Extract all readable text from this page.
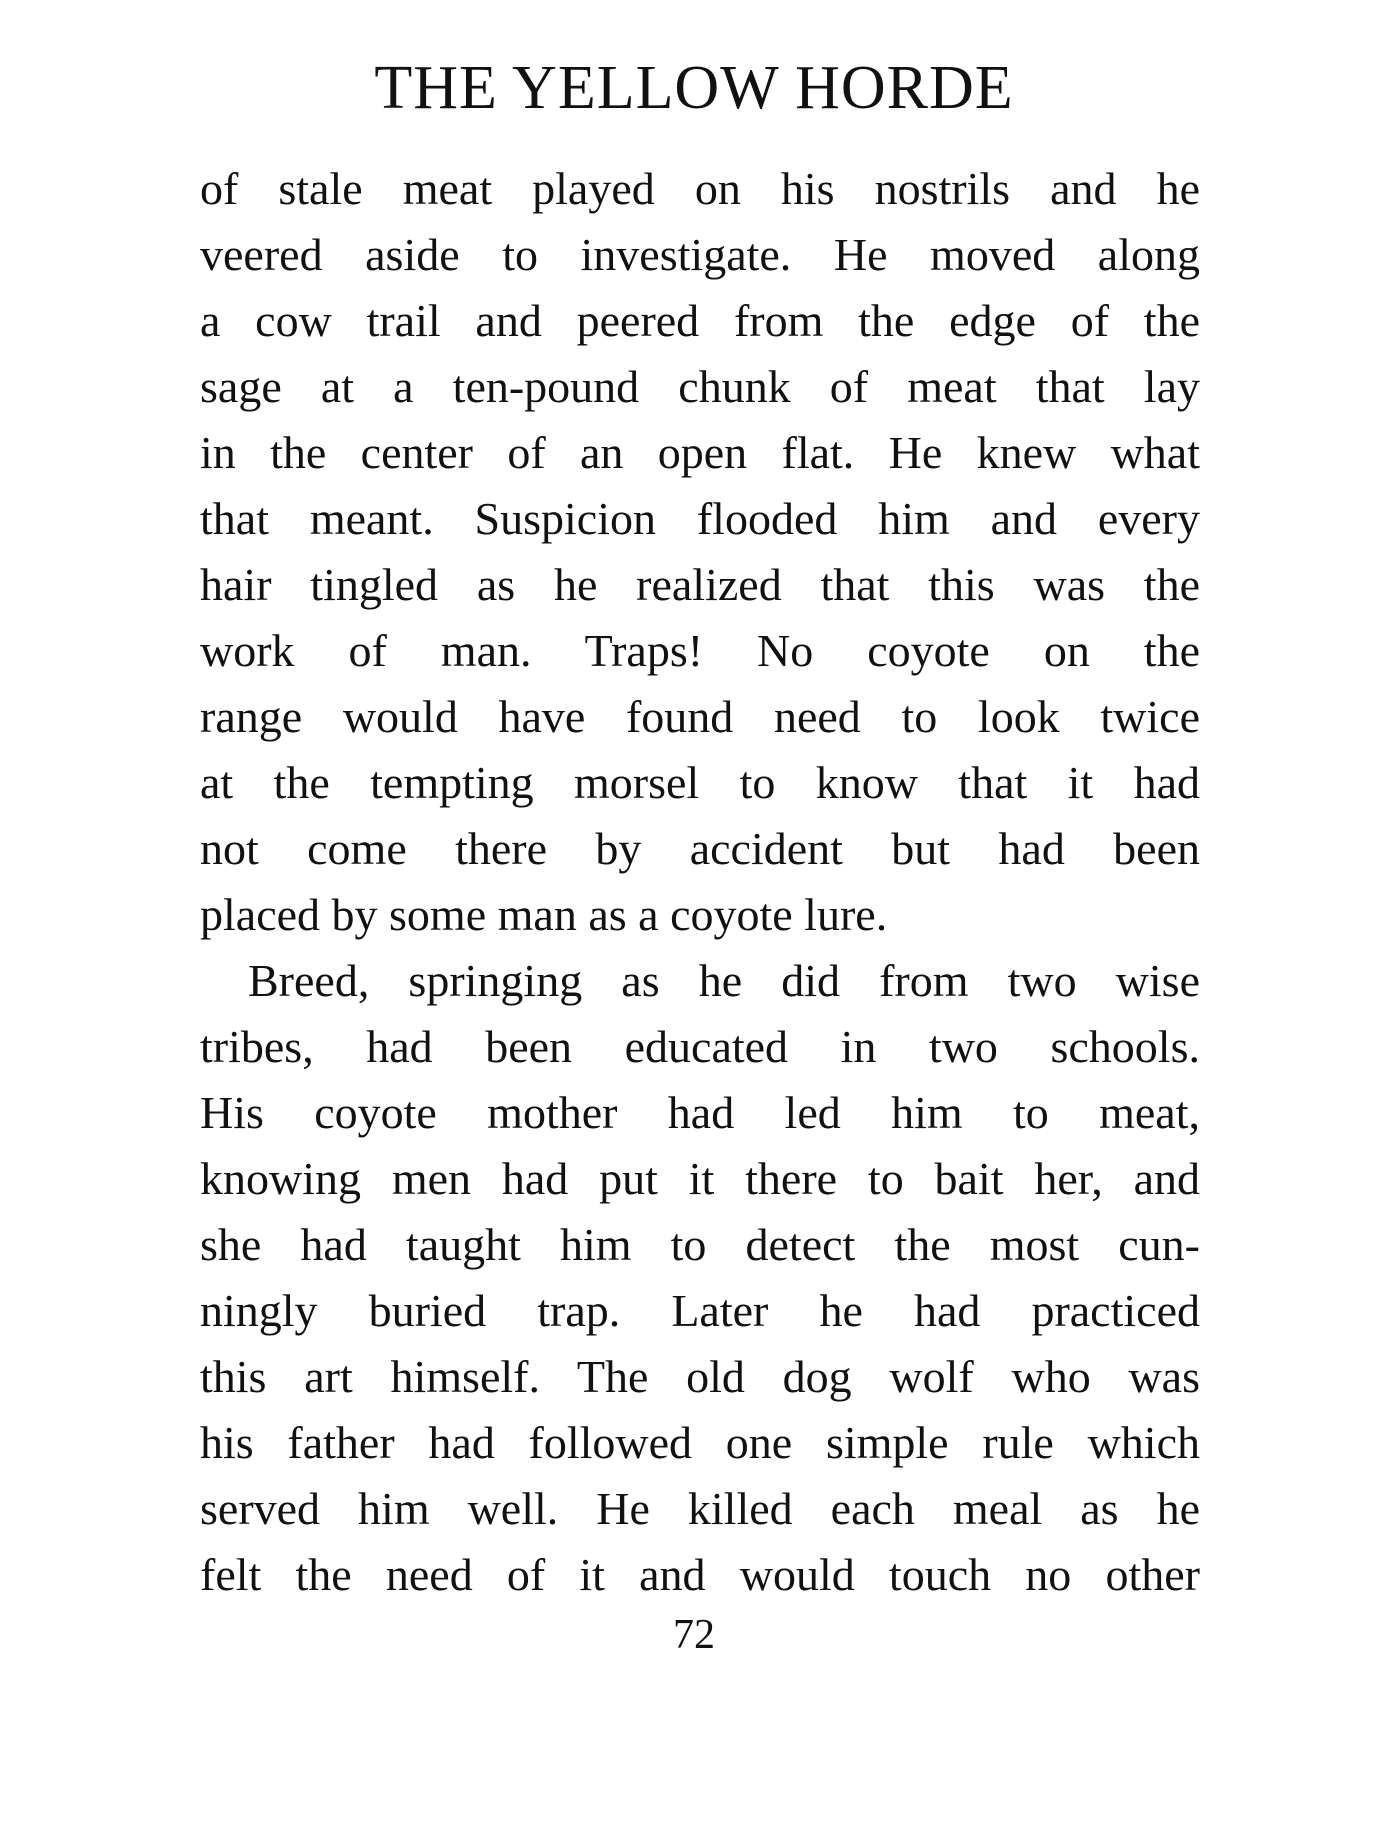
THE YELLOW HORDE
of stale meat played on his nostrils and he
veered aside to investigate. He moved along
a cow trail and peered from the edge of the
sage at a ten-pound chunk of meat that lay
in the center of an open flat. He knew what
that meant. Suspicion flooded him and every
hair tingled as he realized that this was the
work of man. Traps! No coyote on the
range would have found need to look twice
at the tempting morsel to know that it had
not come there by accident but had been
placed by some man as a coyote lure.
Breed, springing as he did from two wise
tribes, had been educated in two schools.
His coyote mother had led him to meat,
knowing men had put it there to bait her, and
she had taught him to detect the most cun-
ningly buried trap. Later he had practiced
this art himself. The old dog wolf who was
his father had followed one simple rule which
served him well. He killed each meal as he
felt the need of it and would touch no other
72
